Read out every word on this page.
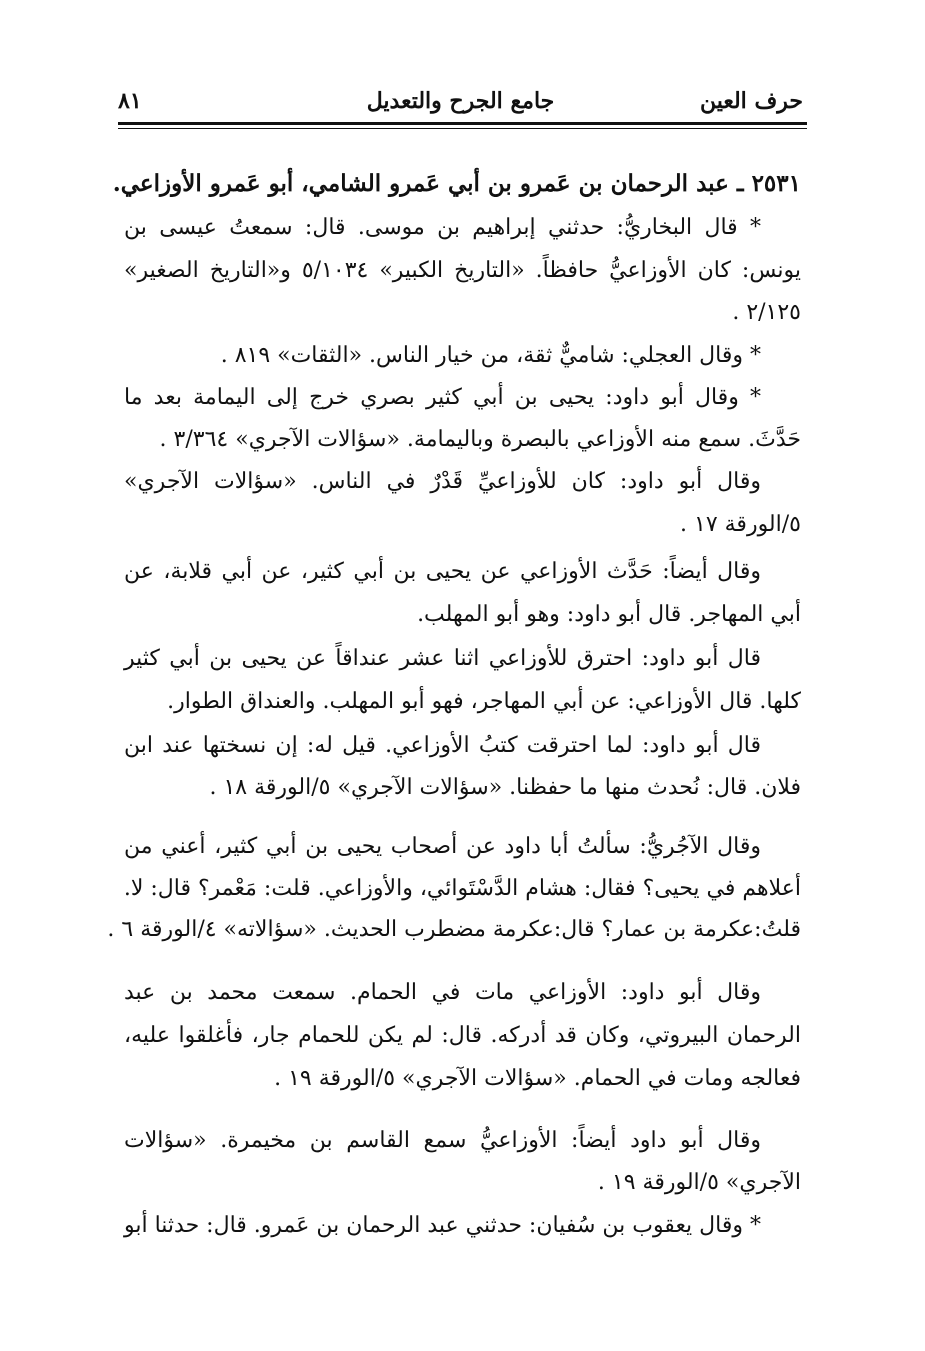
حرف العين
جامع الجرح والتعديل
٨١
٢٥٣١ ـ عبد الرحمان بن عَمرو بن أبي عَمرو الشامي، أبو عَمرو الأوزاعي.
* قال البخاريُّ: حدثني إبراهيم بن موسى. قال: سمعتُ عيسى بن
يونس: كان الأوزاعيُّ حافظاً. «التاريخ الكبير» ٥/١٠٣٤ و«التاريخ الصغير»
٢/١٢٥ .
* وقال العجلي: شاميٌّ ثقة، من خيار الناس. «الثقات» ٨١٩ .
* وقال أبو داود: يحيى بن أبي كثير بصري خرج إلى اليمامة بعد ما
حَدَّثَ. سمع منه الأوزاعي بالبصرة وباليمامة. «سؤالات الآجري» ٣/٣٦٤ .
وقال أبو داود: كان للأوزاعيِّ قَدْرٌ في الناس. «سؤالات الآجري»
٥/الورقة ١٧ .
وقال أيضاً: حَدَّث الأوزاعي عن يحيى بن أبي كثير، عن أبي قلابة، عن
أبي المهاجر. قال أبو داود: وهو أبو المهلب.
قال أبو داود: احترق للأوزاعي اثنا عشر عنداقاً عن يحيى بن أبي كثير
كلها. قال الأوزاعي: عن أبي المهاجر، فهو أبو المهلب. والعنداق الطوار.
قال أبو داود: لما احترقت كتبُ الأوزاعي. قيل له: إن نسختها عند ابن
فلان. قال: نُحدث منها ما حفظنا. «سؤالات الآجري» ٥/الورقة ١٨ .
وقال الآجُريُّ: سألتُ أبا داود عن أصحاب يحيى بن أبي كثير، أعني من
أعلاهم في يحيى؟ فقال: هشام الدَّسْتَوائي، والأوزاعي. قلت: مَعْمر؟ قال: لا.
قلتُ:عكرمة بن عمار؟ قال:عكرمة مضطرب الحديث. «سؤالاته» ٤/الورقة ٦ .
وقال أبو داود: الأوزاعي مات في الحمام. سمعت محمد بن عبد
الرحمان البيروتي، وكان قد أدركه. قال: لم يكن للحمام جار، فأغلقوا عليه،
فعالجه ومات في الحمام. «سؤالات الآجري» ٥/الورقة ١٩ .
وقال أبو داود أيضاً: الأوزاعيُّ سمع القاسم بن مخيمرة. «سؤالات
الآجري» ٥/الورقة ١٩ .
* وقال يعقوب بن سُفيان: حدثني عبد الرحمان بن عَمرو. قال: حدثنا أبو
